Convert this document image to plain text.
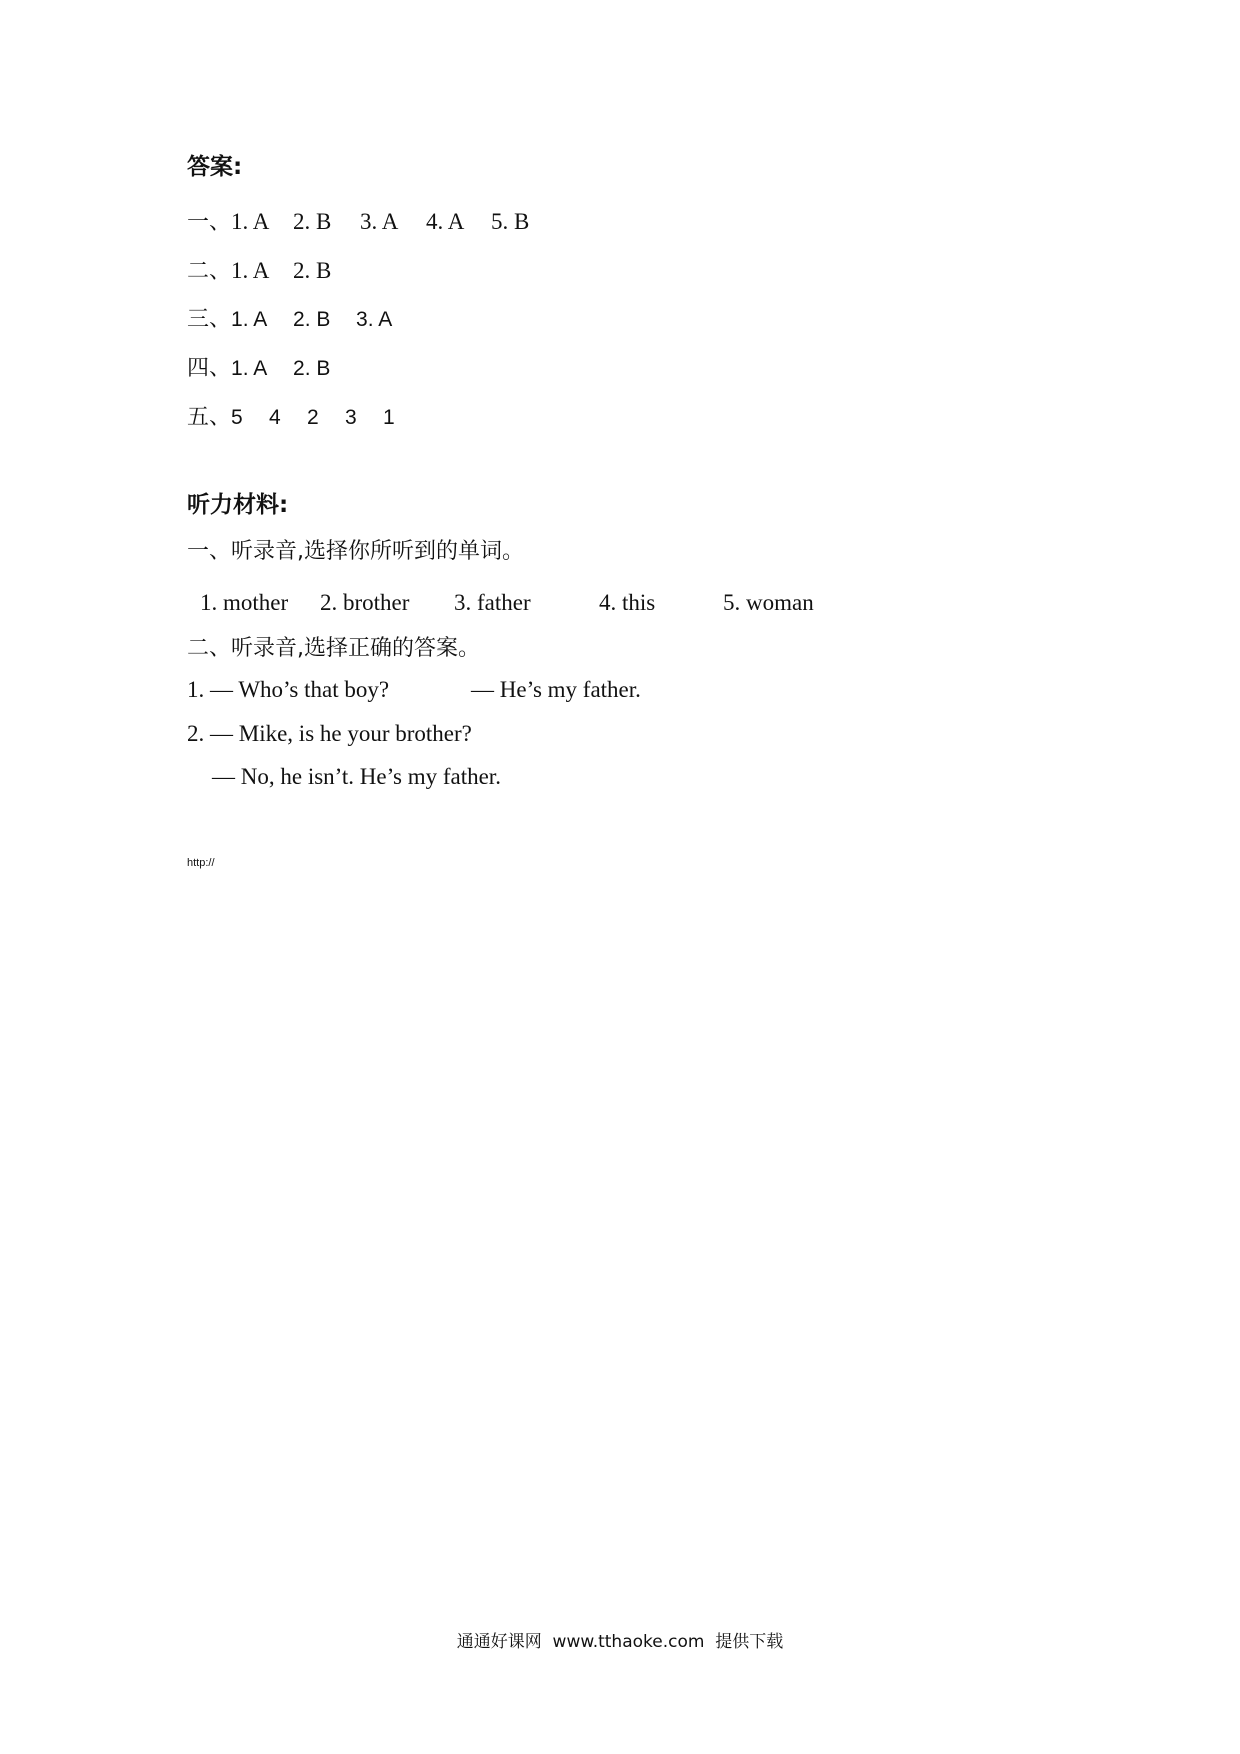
答案:
一、 1. A	2. B	3. A	4. A	5. B
二、 1. A	2. B
三、 1. A	2. B	3. A
四、 1. A	2. B
五、 5	4	2	3	1
听力材料:
一、听录音,选择你所听到的单词。
1. mother	2. brother	3. father	4. this	5. woman
二、听录音,选择正确的答案。
1. — Who’s that boy?	— He’s my father.
2. — Mike, is he your brother?
— No, he isn’t. He’s my father.
http://
通通好课网  www.tthaoke.com  提供下载
